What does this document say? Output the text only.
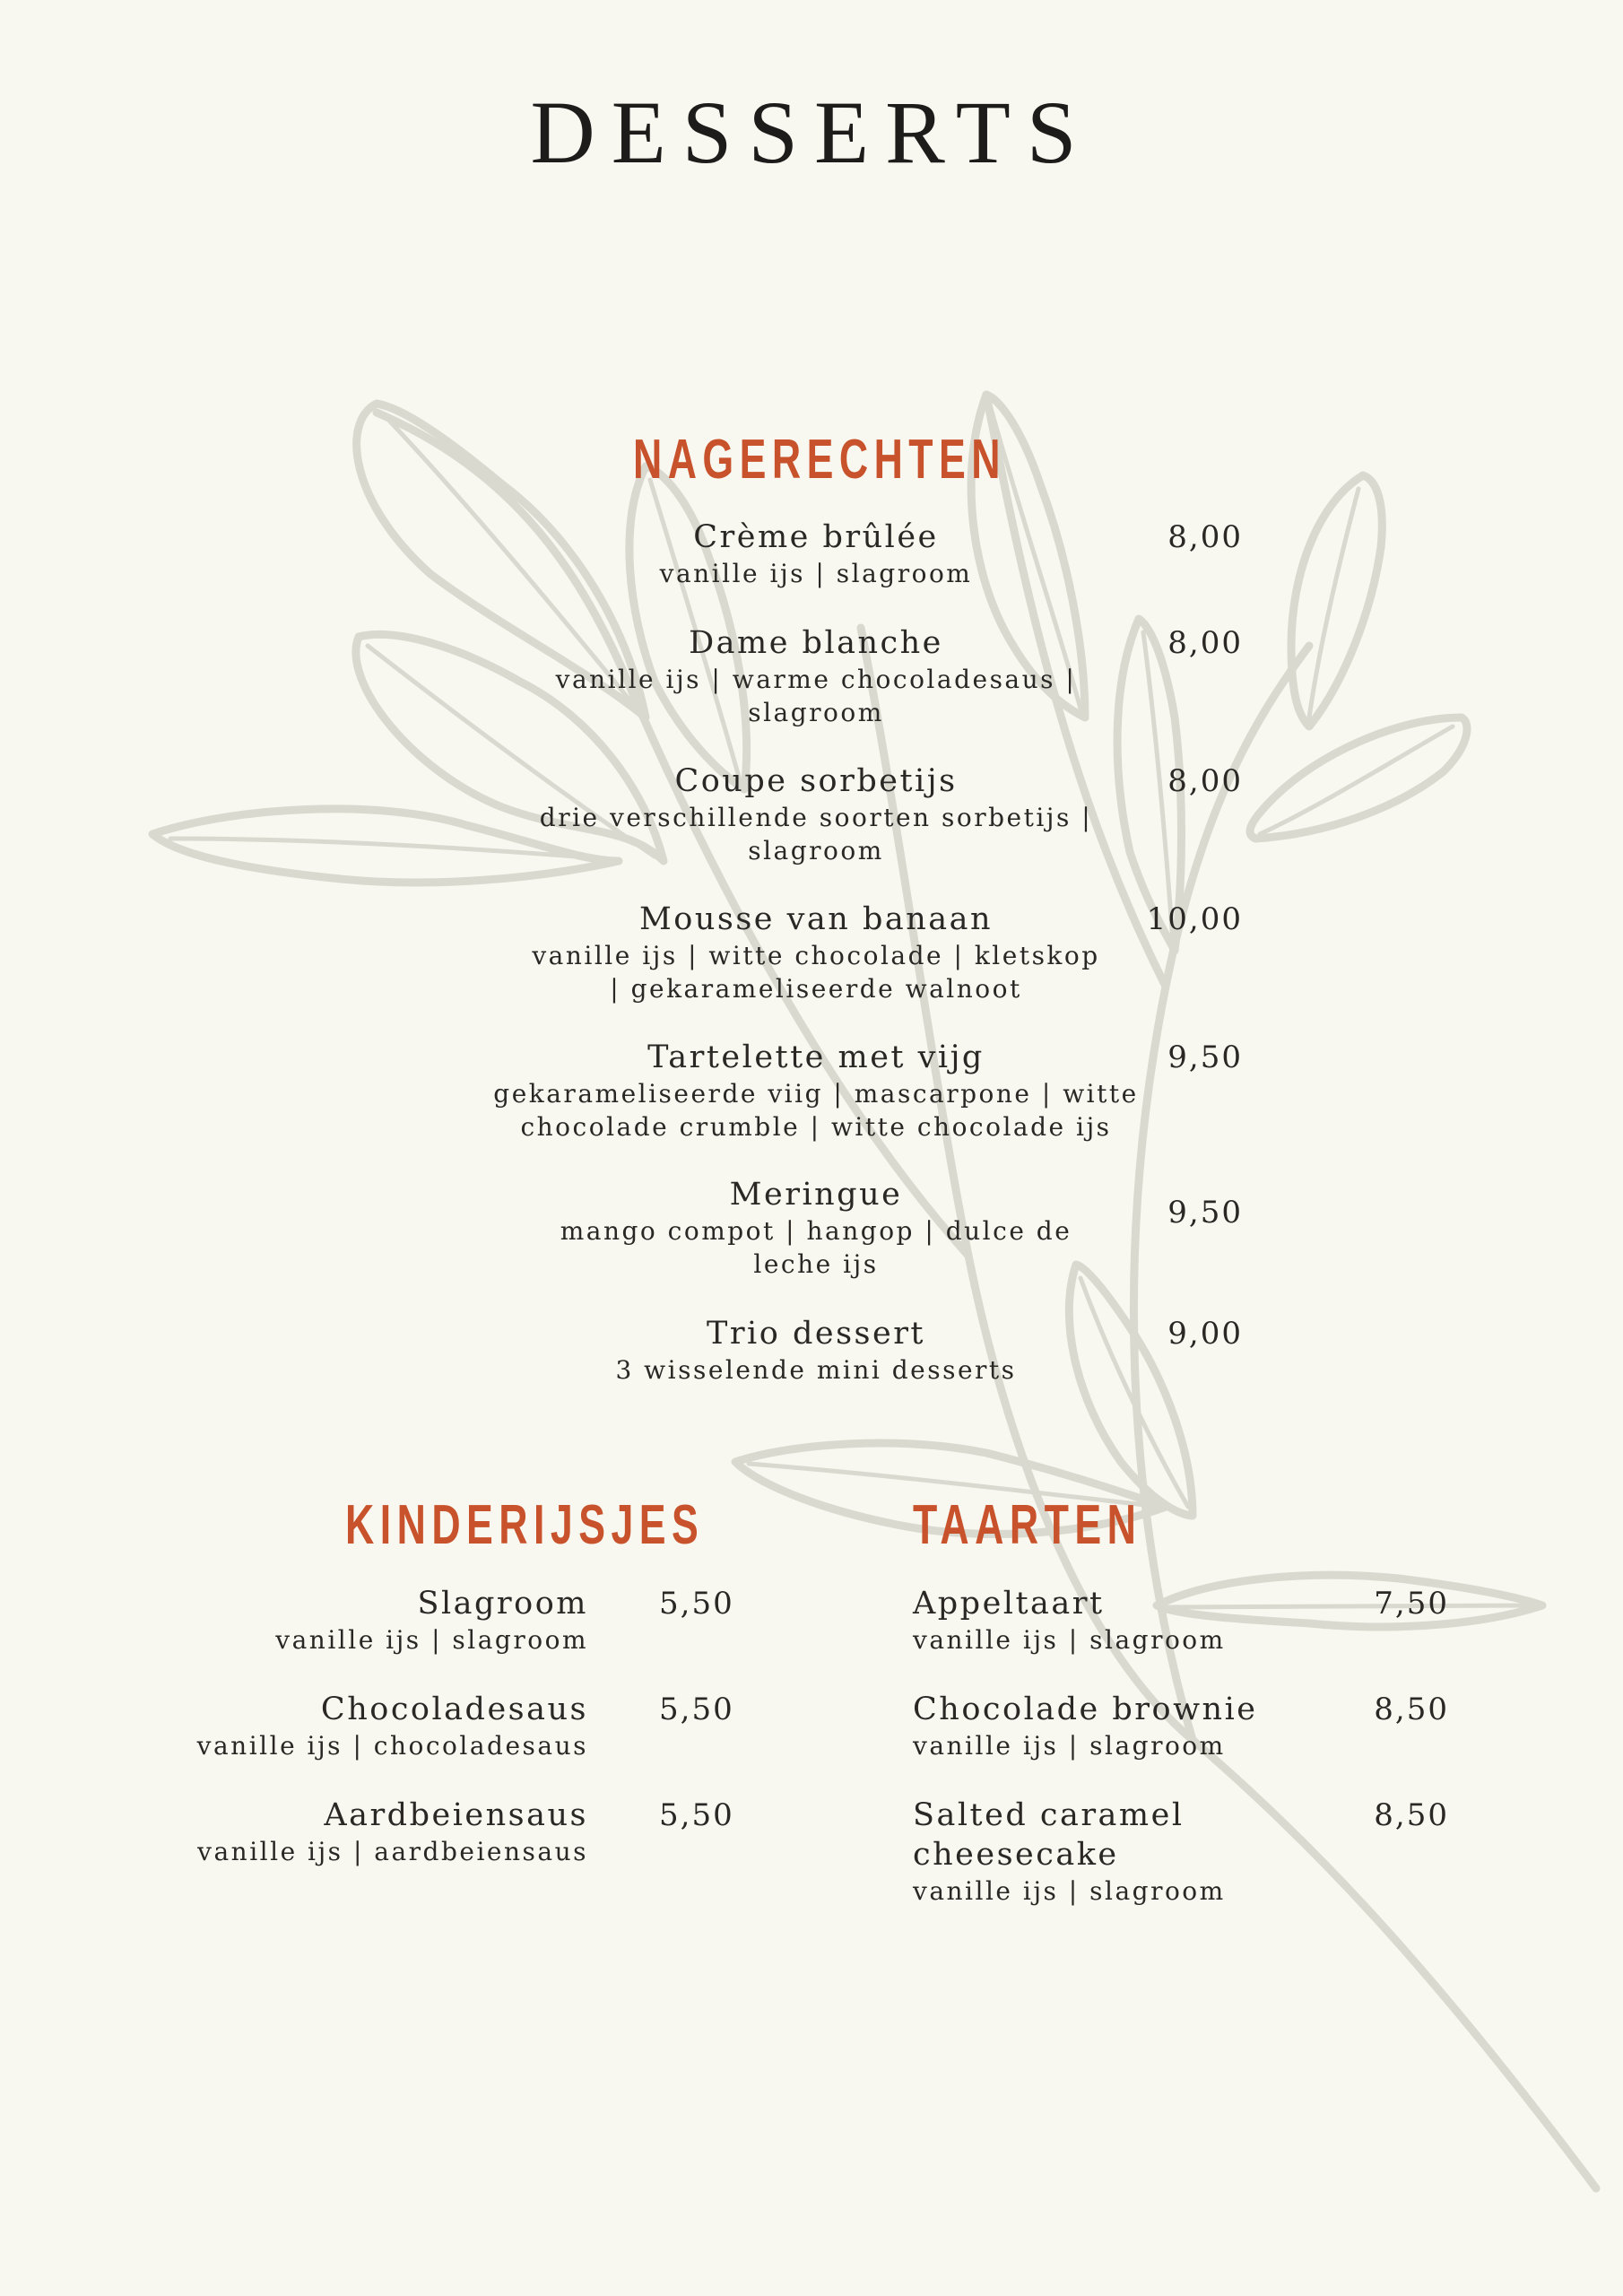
DESSERTS
NAGERECHTEN
Crème brûlée
vanille ijs | slagroom
8,00
Dame blanche
vanille ijs | warme chocoladesaus | slagroom
8,00
Coupe sorbetijs
drie verschillende soorten sorbetijs | slagroom
8,00
Mousse van banaan
vanille ijs | witte chocolade | kletskop | gekarameliseerde walnoot
10,00
Tartelette met vijg
gekarameliseerde viig | mascarpone | witte chocolade crumble | witte chocolade ijs
9,50
Meringue
mango compot | hangop | dulce de leche ijs
9,50
Trio dessert
3 wisselende mini desserts
9,00
KINDERIJSJES
Slagroom
vanille ijs | slagroom
5,50
Chocoladesaus
vanille ijs | chocoladesaus
5,50
Aardbeiensaus
vanille ijs | aardbeiensaus
5,50
TAARTEN
Appeltaart
vanille ijs | slagroom
7,50
Chocolade brownie
vanille ijs | slagroom
8,50
Salted caramel cheesecake
vanille ijs | slagroom
8,50
